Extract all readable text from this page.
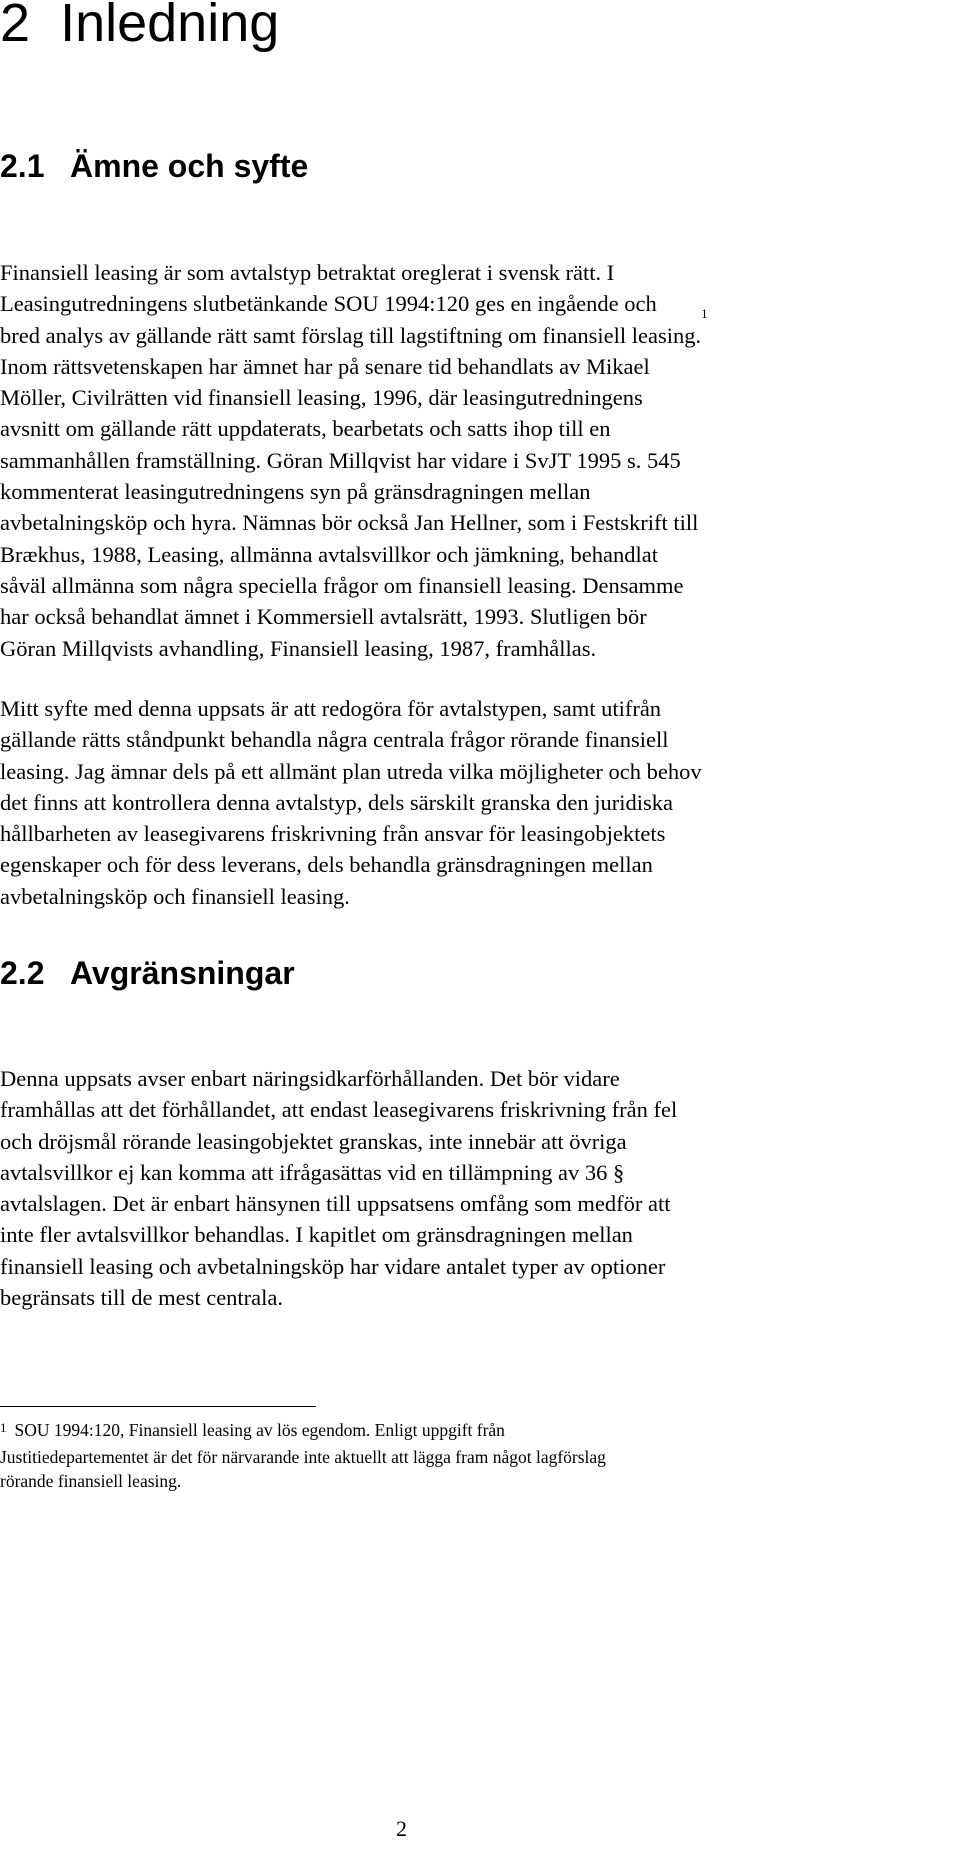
2 Inledning
2.1 Ämne och syfte
Finansiell leasing är som avtalstyp betraktat oreglerat i svensk rätt. I
Leasingutredningens slutbetänkande SOU 1994:120 ges en ingående och
bred analys av gällande rätt samt förslag till lagstiftning om finansiell leasing.$^1$
Inom rättsvetenskapen har ämnet har på senare tid behandlats av Mikael
Möller, Civilrätten vid finansiell leasing, 1996, där leasingutredningens
avsnitt om gällande rätt uppdaterats, bearbetats och satts ihop till en
sammanhållen framställning. Göran Millqvist har vidare i SvJT 1995 s. 545
kommenterat leasingutredningens syn på gränsdragningen mellan
avbetalningsköp och hyra. Nämnas bör också Jan Hellner, som i Festskrift till
Brækhus, 1988, Leasing, allmänna avtalsvillkor och jämkning, behandlat
såväl allmänna som några speciella frågor om finansiell leasing. Densamme
har också behandlat ämnet i Kommersiell avtalsrätt, 1993. Slutligen bör
Göran Millqvists avhandling, Finansiell leasing, 1987, framhållas.
Mitt syfte med denna uppsats är att redogöra för avtalstypen, samt utifrån
gällande rätts ståndpunkt behandla några centrala frågor rörande finansiell
leasing. Jag ämnar dels på ett allmänt plan utreda vilka möjligheter och behov
det finns att kontrollera denna avtalstyp, dels särskilt granska den juridiska
hållbarheten av leasegivarens friskrivning från ansvar för leasingobjektets
egenskaper och för dess leverans, dels behandla gränsdragningen mellan
avbetalningsköp och finansiell leasing.
2.2 Avgränsningar
Denna uppsats avser enbart näringsidkarförhållanden. Det bör vidare
framhållas att det förhållandet, att endast leasegivarens friskrivning från fel
och dröjsmål rörande leasingobjektet granskas, inte innebär att övriga
avtalsvillkor ej kan komma att ifrågasättas vid en tillämpning av 36 §
avtalslagen. Det är enbart hänsynen till uppsatsens omfång som medför att
inte fler avtalsvillkor behandlas. I kapitlet om gränsdragningen mellan
finansiell leasing och avbetalningsköp har vidare antalet typer av optioner
begränsats till de mest centrala.
$^1$ SOU 1994:120, Finansiell leasing av lös egendom. Enligt uppgift från
Justitiedepartementet är det för närvarande inte aktuellt att lägga fram något lagförslag
rörande finansiell leasing.

2
